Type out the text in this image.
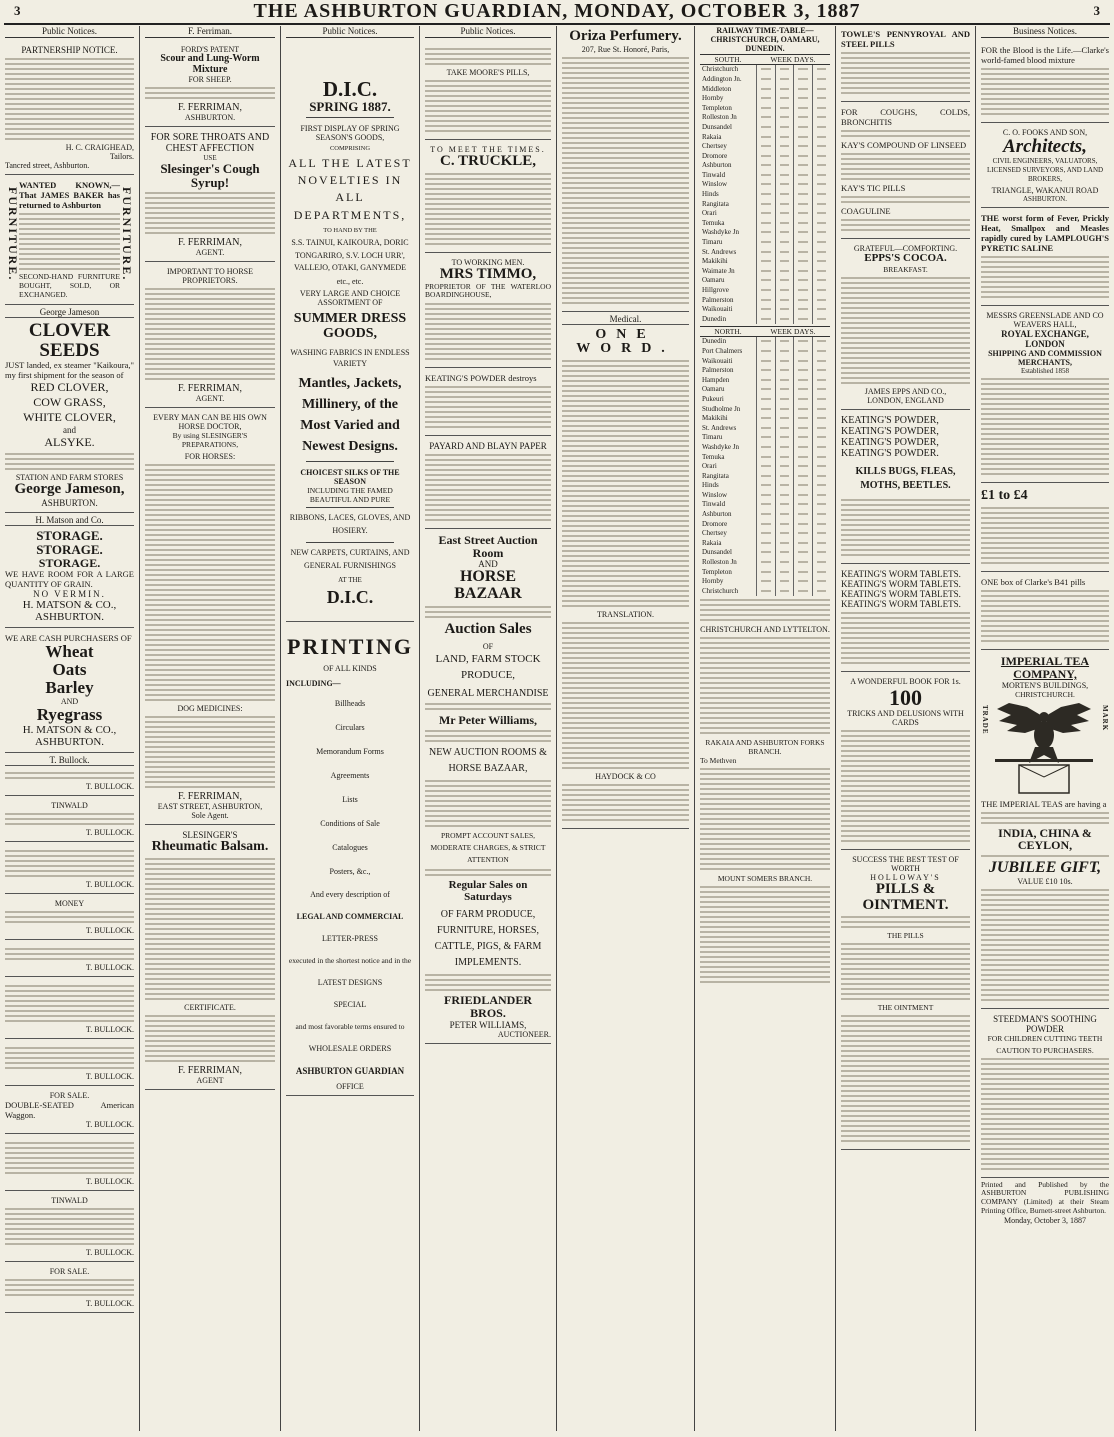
3	THE ASHBURTON GUARDIAN, MONDAY, OCTOBER 3, 1887	3
Public Notices.
PARTNERSHIP NOTICE.
H. C. CRAIGHEAD,
Tailors.
Tancred street, Ashburton.
FURNITURE.	FURNITURE.
WANTED KNOWN,—That JAMES BAKER has returned to Ashburton
SECOND-HAND FURNITURE BOUGHT, SOLD, OR EXCHANGED.
George Jameson
CLOVER SEEDS
JUST landed, ex steamer "Kaikoura," my first shipment for the season of
RED CLOVER,
COW GRASS,
WHITE CLOVER,
and
ALSYKE.
STATION AND FARM STORES
George Jameson,
ASHBURTON.
H. Matson and Co.
STORAGE. STORAGE.
STORAGE.
WE HAVE ROOM FOR A LARGE QUANTITY OF GRAIN.
NO VERMIN.
H. MATSON & CO., ASHBURTON.
WE ARE CASH PURCHASERS OF
Wheat
Oats
Barley
AND
Ryegrass
H. MATSON & CO., ASHBURTON.
T. Bullock.
T. BULLOCK.
TINWALD
T. BULLOCK.
T. BULLOCK.
MONEY
T. BULLOCK.
T. BULLOCK.
T. BULLOCK.
T. BULLOCK.
FOR SALE.
DOUBLE-SEATED American Waggon.
T. BULLOCK.
T. BULLOCK.
TINWALD
T. BULLOCK.
FOR SALE.
T. BULLOCK.
F. Ferriman.
FORD'S PATENT
Scour and Lung-Worm Mixture
FOR SHEEP.
F. FERRIMAN,
ASHBURTON.
FOR SORE THROATS AND
CHEST AFFECTION
USE
Slesinger's Cough Syrup!
F. FERRIMAN,
AGENT.
IMPORTANT TO HORSE PROPRIETORS.
F. FERRIMAN,
AGENT.
EVERY MAN CAN BE HIS OWN HORSE DOCTOR,
By using SLESINGER'S PREPARATIONS,
FOR HORSES:
DOG MEDICINES:
F. FERRIMAN,
EAST STREET, ASHBURTON,
Sole Agent.
SLESINGER'S
Rheumatic Balsam.
CERTIFICATE.
F. FERRIMAN,
AGENT
Public Notices.
D.I.C.
SPRING 1887.
FIRST DISPLAY OF SPRING SEASON'S GOODS,
COMPRISING
ALL THE LATEST NOVELTIES IN ALL DEPARTMENTS,
TO HAND BY THE
S.S. TAINUI, KAIKOURA, DORIC TONGARIRO, S.V. LOCH URR', VALLEJO, OTAKI, GANYMEDE
etc., etc.
VERY LARGE AND CHOICE ASSORTMENT OF
SUMMER DRESS GOODS,
WASHING FABRICS IN ENDLESS VARIETY
Mantles, Jackets, Millinery, of the Most Varied and Newest Designs.
CHOICEST SILKS OF THE SEASON
INCLUDING THE FAMED
BEAUTIFUL AND PURE
RIBBONS, LACES, GLOVES, AND HOSIERY.
NEW CARPETS, CURTAINS, AND GENERAL FURNISHINGS
AT THE
D.I.C.
PRINTING
OF ALL KINDS
INCLUDING—
Billheads
Circulars
Memorandum Forms
Agreements
Lists
Conditions of Sale
Catalogues
Posters, &c.,
And every description of
LEGAL AND COMMERCIAL
LETTER-PRESS
executed in the shortest notice and in the
LATEST DESIGNS
SPECIAL
and most favorable terms ensured to
WHOLESALE ORDERS
ASHBURTON GUARDIAN
OFFICE
Public Notices.
TAKE MOORE'S PILLS,
TO MEET THE TIMES.
C. TRUCKLE,
TO WORKING MEN.
MRS TIMMO,
PROPRIETOR OF THE WATERLOO BOARDINGHOUSE,
KEATING'S POWDER destroys
PAYARD AND BLAYN PAPER
East Street Auction Room
AND
HORSE BAZAAR
Auction Sales
OF
LAND, FARM STOCK PRODUCE,
GENERAL MERCHANDISE
Mr Peter Williams,
NEW AUCTION ROOMS & HORSE BAZAAR,
PROMPT ACCOUNT SALES, MODERATE CHARGES, & STRICT ATTENTION
Regular Sales on Saturdays
OF FARM PRODUCE, FURNITURE, HORSES, CATTLE, PIGS, & FARM IMPLEMENTS.
FRIEDLANDER BROS.
PETER WILLIAMS,
AUCTIONEER.
Oriza Perfumery.
207, Rue St. Honoré, Paris,
Medical.
ONE WORD.
TRANSLATION.
HAYDOCK & CO
RAILWAY TIME-TABLE—CHRISTCHURCH, OAMARU, DUNEDIN.
SOUTH.	WEEK DAYS.
Christchurch	

Addington Jn.	

Middleton	

Hornby	

Templeton	

Rolleston Jn	

Dunsandel	

Rakaia	

Chertsey	

Dromore	

Ashburton	

Tinwald	

Winslow	

Hinds	

Rangitata	

Orari	

Temuka	

Washdyke Jn	

Timaru	

St. Andrews	

Makikihi	

Waimate Jn	

Oamaru	

Hillgrove	

Palmerston	

Waikouaiti	

Dunedin	

NORTH.	WEEK DAYS.
Dunedin	

Port Chalmers	

Waikouaiti	

Palmerston	

Hampden	

Oamaru	

Pukeuri	

Studholme Jn	

Makikihi	

St. Andrews	

Timaru	

Washdyke Jn	

Temuka	

Orari	

Rangitata	

Hinds	

Winslow	

Tinwald	

Ashburton	

Dromore	

Chertsey	

Rakaia	

Dunsandel	

Rolleston Jn	

Templeton	

Hornby	

Christchurch	

CHRISTCHURCH AND LYTTELTON.
RAKAIA AND ASHBURTON FORKS BRANCH.
To Methven
MOUNT SOMERS BRANCH.
TOWLE'S PENNYROYAL AND STEEL PILLS
FOR COUGHS, COLDS, BRONCHITIS
KAY'S COMPOUND OF LINSEED
KAY'S TIC PILLS
COAGULINE
GRATEFUL—COMFORTING.
EPPS'S COCOA.
BREAKFAST.
JAMES EPPS AND CO.,
LONDON, ENGLAND
KEATING'S POWDER,
KEATING'S POWDER,
KEATING'S POWDER,
KEATING'S POWDER.
KILLS BUGS, FLEAS, MOTHS, BEETLES.
KEATING'S WORM TABLETS.
KEATING'S WORM TABLETS.
KEATING'S WORM TABLETS.
KEATING'S WORM TABLETS.
A WONDERFUL BOOK FOR 1s.
100
TRICKS AND DELUSIONS WITH CARDS
SUCCESS THE BEST TEST OF WORTH
HOLLOWAY'S
PILLS & OINTMENT.
THE PILLS
THE OINTMENT
Business Notices.
FOR the Blood is the Life.—Clarke's world-famed blood mixture
C. O. FOOKS AND SON,
Architects,
CIVIL ENGINEERS, VALUATORS, LICENSED SURVEYORS, AND LAND BROKERS,
TRIANGLE, WAKANUI ROAD
ASHBURTON.
THE worst form of Fever, Prickly Heat, Smallpox and Measles rapidly cured by LAMPLOUGH'S PYRETIC SALINE
MESSRS GREENSLADE AND CO
WEAVERS HALL,
ROYAL EXCHANGE, LONDON
SHIPPING AND COMMISSION MERCHANTS,
Established 1858
£1 to £4
ONE box of Clarke's B41 pills
IMPERIAL TEA COMPANY,
MORTEN'S BUILDINGS,
CHRISTCHURCH.
TRADE	MARK
THE IMPERIAL TEAS are having a
INDIA, CHINA & CEYLON,
JUBILEE GIFT,
VALUE £10 10s.
STEEDMAN'S SOOTHING POWDER
FOR CHILDREN CUTTING TEETH
CAUTION TO PURCHASERS.
Printed and Published by the ASHBURTON PUBLISHING COMPANY (Limited) at their Steam Printing Office, Burnett-street Ashburton.
Monday, October 3, 1887
